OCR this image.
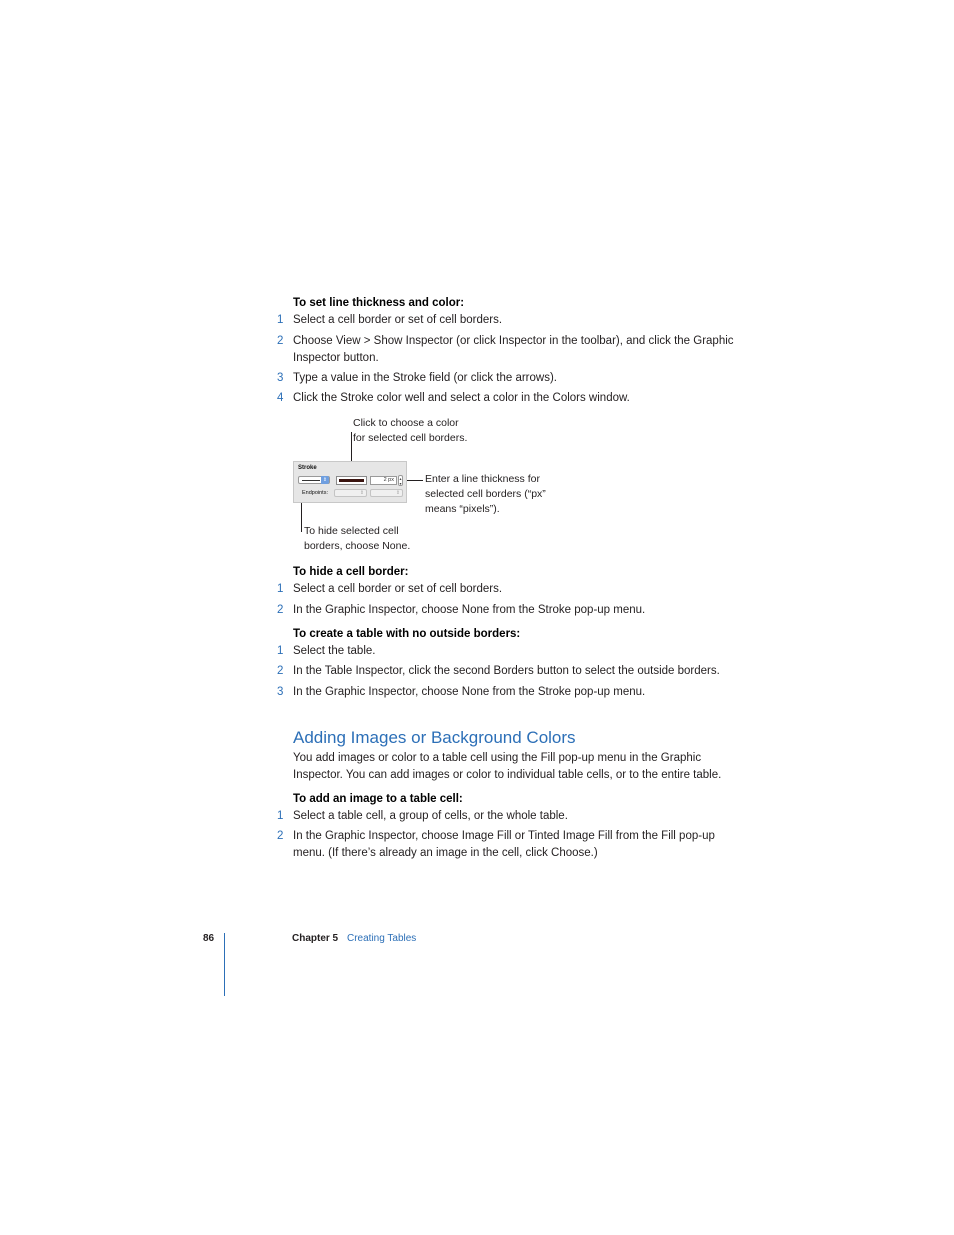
To set line thickness and color:
1 Select a cell border or set of cell borders.
2 Choose View > Show Inspector (or click Inspector in the toolbar), and click the Graphic Inspector button.
3 Type a value in the Stroke field (or click the arrows).
4 Click the Stroke color well and select a color in the Colors window.
Click to choose a color
for selected cell borders.
Enter a line thickness for
selected cell borders (“px”
means “pixels”).
To hide selected cell
borders, choose None.
Stroke
⇕	2 px	▴
▾
Endpoints:	⇕	⇕
To hide a cell border:
1 Select a cell border or set of cell borders.
2 In the Graphic Inspector, choose None from the Stroke pop-up menu.
To create a table with no outside borders:
1 Select the table.
2 In the Table Inspector, click the second Borders button to select the outside borders.
3 In the Graphic Inspector, choose None from the Stroke pop-up menu.
Adding Images or Background Colors
You add images or color to a table cell using the Fill pop-up menu in the Graphic Inspector. You can add images or color to individual table cells, or to the entire table.
To add an image to a table cell:
1 Select a table cell, a group of cells, or the whole table.
2 In the Graphic Inspector, choose Image Fill or Tinted Image Fill from the Fill pop-up menu. (If there’s already an image in the cell, click Choose.)
86	Chapter 5 Creating Tables
